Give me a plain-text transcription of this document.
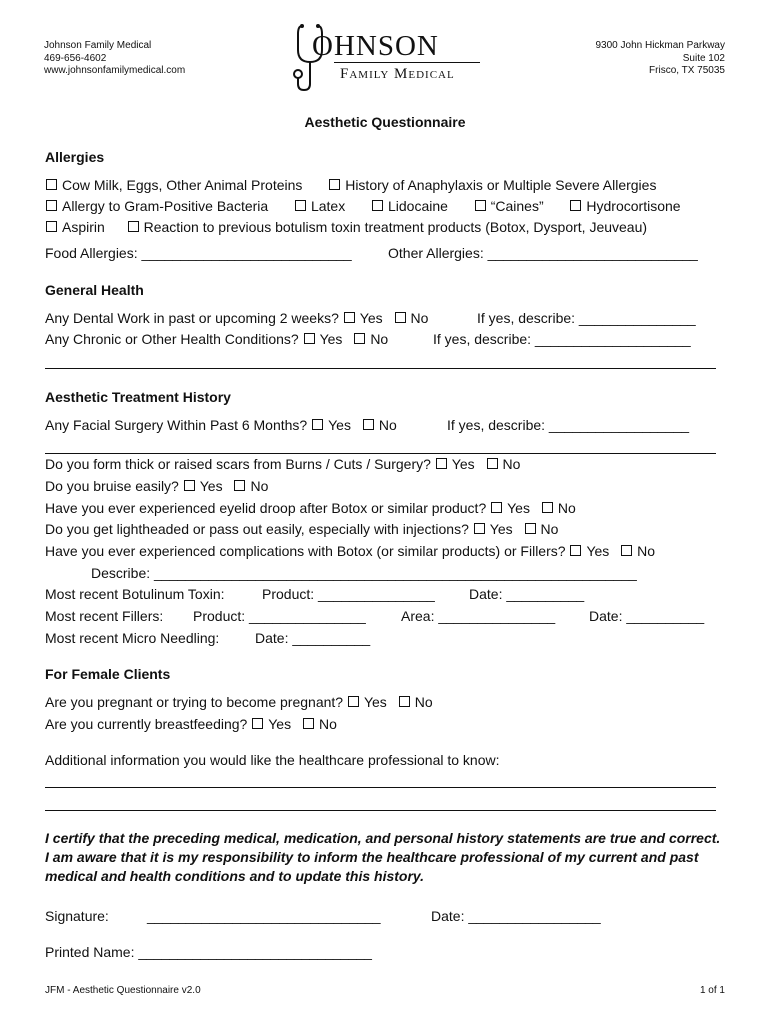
Johnson Family Medical
469-656-4602
www.johnsonfamilymedical.com
OHNSON
Family Medical
9300 John Hickman Parkway
Suite 102
Frisco, TX 75035
Aesthetic Questionnaire
Allergies
Cow Milk, Eggs, Other Animal Proteins	History of Anaphylaxis or Multiple Severe Allergies
Allergy to Gram-Positive Bacteria	Latex	Lidocaine	“Caines”	Hydrocortisone
Aspirin	Reaction to previous botulism toxin treatment products (Botox, Dysport, Jeuveau)
Food Allergies: ___________________________	Other Allergies: ___________________________
General Health
Any Dental Work in past or upcoming 2 weeks? Yes No	If yes, describe: _______________
Any Chronic or Other Health Conditions? Yes No	If yes, describe: ____________________
Aesthetic Treatment History
Any Facial Surgery Within Past 6 Months? Yes No	If yes, describe: __________________
Do you form thick or raised scars from Burns / Cuts / Surgery? Yes No
Do you bruise easily? Yes No
Have you ever experienced eyelid droop after Botox or similar product? Yes No
Do you get lightheaded or pass out easily, especially with injections? Yes No
Have you ever experienced complications with Botox (or similar products) or Fillers? Yes No
Describe: ______________________________________________________________
Most recent Botulinum Toxin:	Product: _______________ Date: __________
Most recent Fillers: Product: _______________	Area: _______________ Date: __________
Most recent Micro Needling:	Date: __________
For Female Clients
Are you pregnant or trying to become pregnant? Yes No
Are you currently breastfeeding? Yes No
Additional information you would like the healthcare professional to know:
I certify that the preceding medical, medication, and personal history statements are true and correct. I am aware that it is my responsibility to inform the healthcare professional of my current and past medical and health conditions and to update this history.
Signature:	______________________________	Date: _________________
Printed Name: ______________________________
JFM - Aesthetic Questionnaire v2.0	1 of 1
